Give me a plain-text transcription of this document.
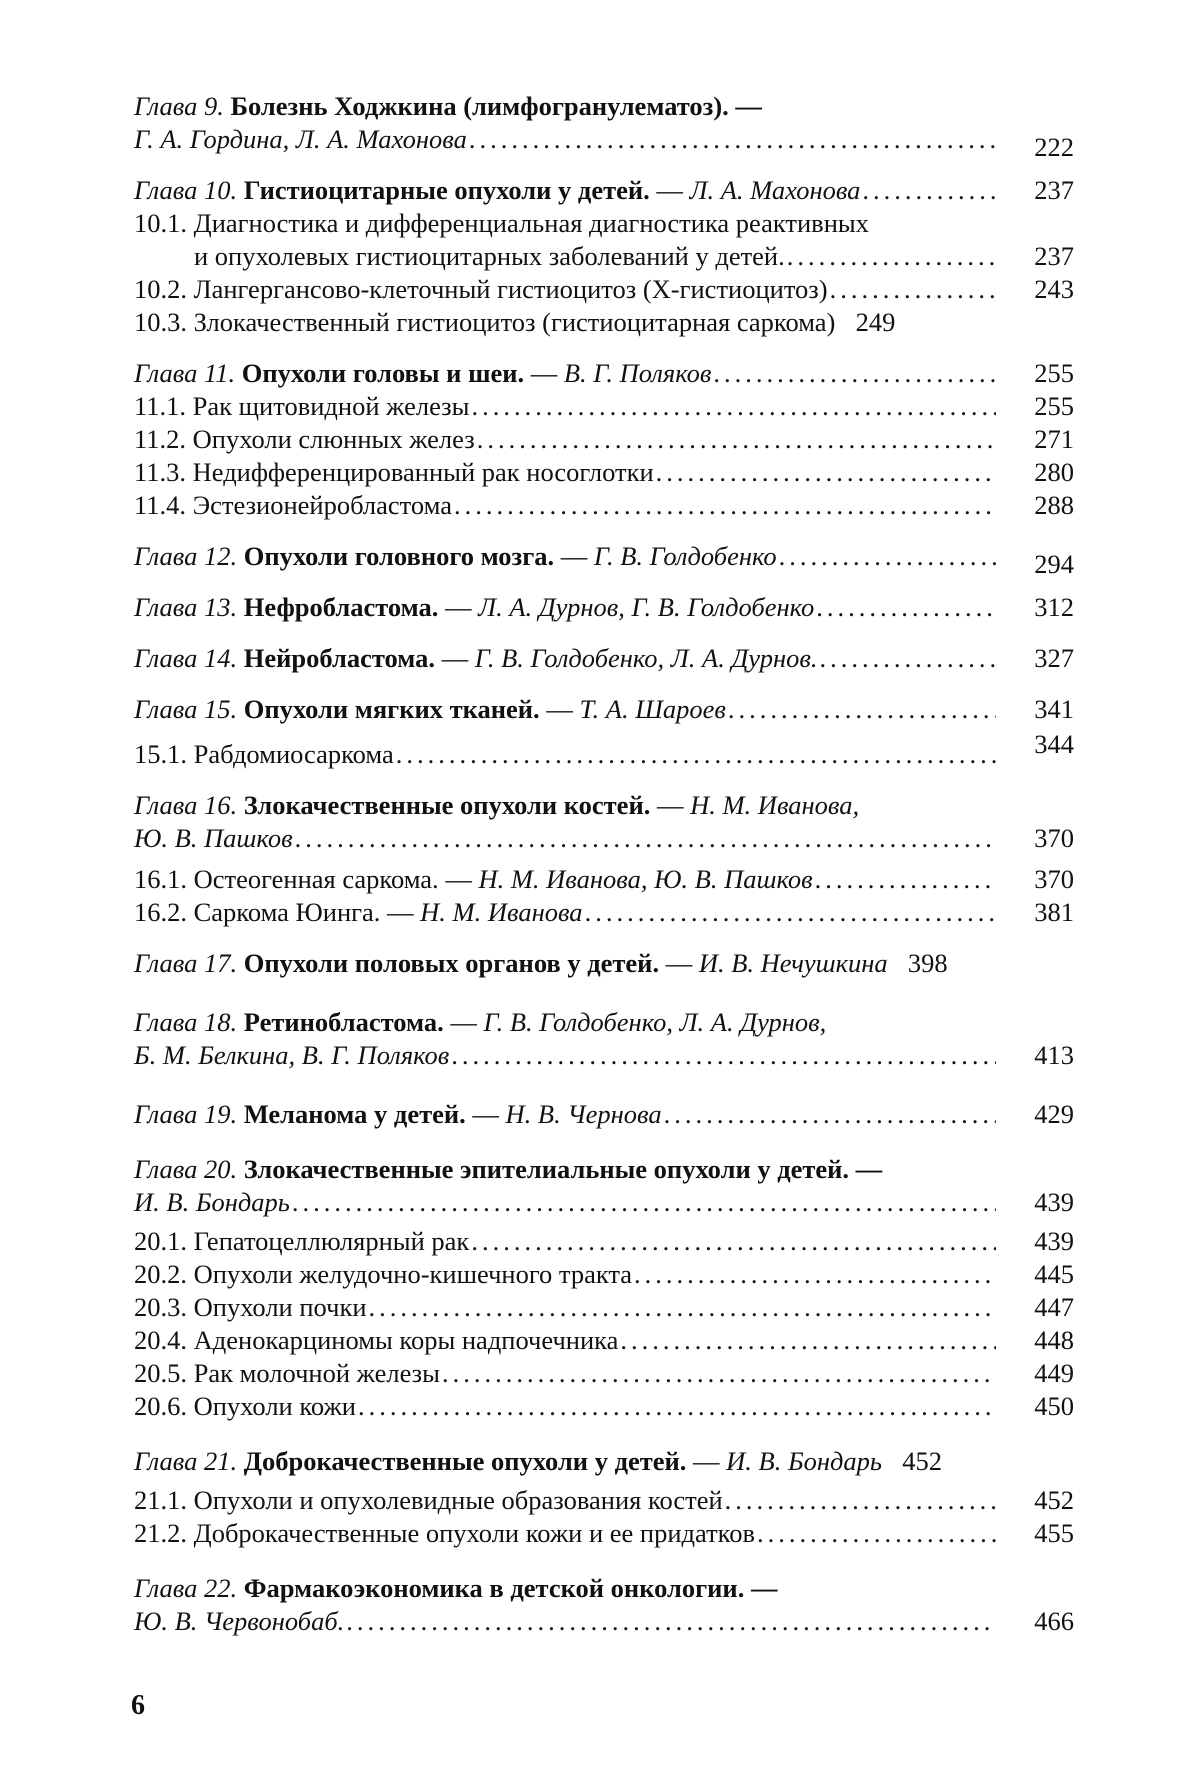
Глава 9. Болезнь Ходжкина (лимфогранулематоз). —
Г. А. Гордина, Л. А. Махонова .....	222
Глава 10. Гистиоцитарные опухоли у детей. — Л. А. Махонова .....	237
10.1. Диагностика и дифференциальная диагностика реактивных
и опухолевых гистиоцитарных заболеваний у детей. .....	237
10.2. Лангергансово-клеточный гистиоцитоз (X-гистиоцитоз) .....	243
10.3. Злокачественный гистиоцитоз (гистиоцитарная саркома) 249
Глава 11. Опухоли головы и шеи. — В. Г. Поляков .....	255
11.1. Рак щитовидной железы .....	255
11.2. Опухоли слюнных желез .....	271
11.3. Недифференцированный рак носоглотки .....	280
11.4. Эстезионейробластома .....	288
Глава 12. Опухоли головного мозга. — Г. В. Голдобенко .....	294
Глава 13. Нефробластома. — Л. А. Дурнов, Г. В. Голдобенко .....	312
Глава 14. Нейробластома. — Г. В. Голдобенко, Л. А. Дурнов. .....	327
Глава 15. Опухоли мягких тканей. — Т. А. Шароев .....	341
15.1. Рабдомиосаркома .....	344
Глава 16. Злокачественные опухоли костей. — Н. М. Иванова,
Ю. В. Пашков .....	370
16.1. Остеогенная саркома. — Н. М. Иванова, Ю. В. Пашков .....	370
16.2. Саркома Юинга. — Н. М. Иванова .....	381
Глава 17. Опухоли половых органов у детей. — И. В. Нечушкина 398
Глава 18. Ретинобластома. — Г. В. Голдобенко, Л. А. Дурнов,
Б. М. Белкина, В. Г. Поляков .....	413
Глава 19. Меланома у детей. — Н. В. Чернова .....	429
Глава 20. Злокачественные эпителиальные опухоли у детей. —
И. В. Бондарь .....	439
20.1. Гепатоцеллюлярный рак .....	439
20.2. Опухоли желудочно-кишечного тракта .....	445
20.3. Опухоли почки .....	447
20.4. Аденокарциномы коры надпочечника .....	448
20.5. Рак молочной железы .....	449
20.6. Опухоли кожи .....	450
Глава 21. Доброкачественные опухоли у детей. — И. В. Бондарь 452
21.1. Опухоли и опухолевидные образования костей .....	452
21.2. Доброкачественные опухоли кожи и ее придатков .....	455
Глава 22. Фармакоэкономика в детской онкологии. —
Ю. В. Червонобаб. .....	466
6
